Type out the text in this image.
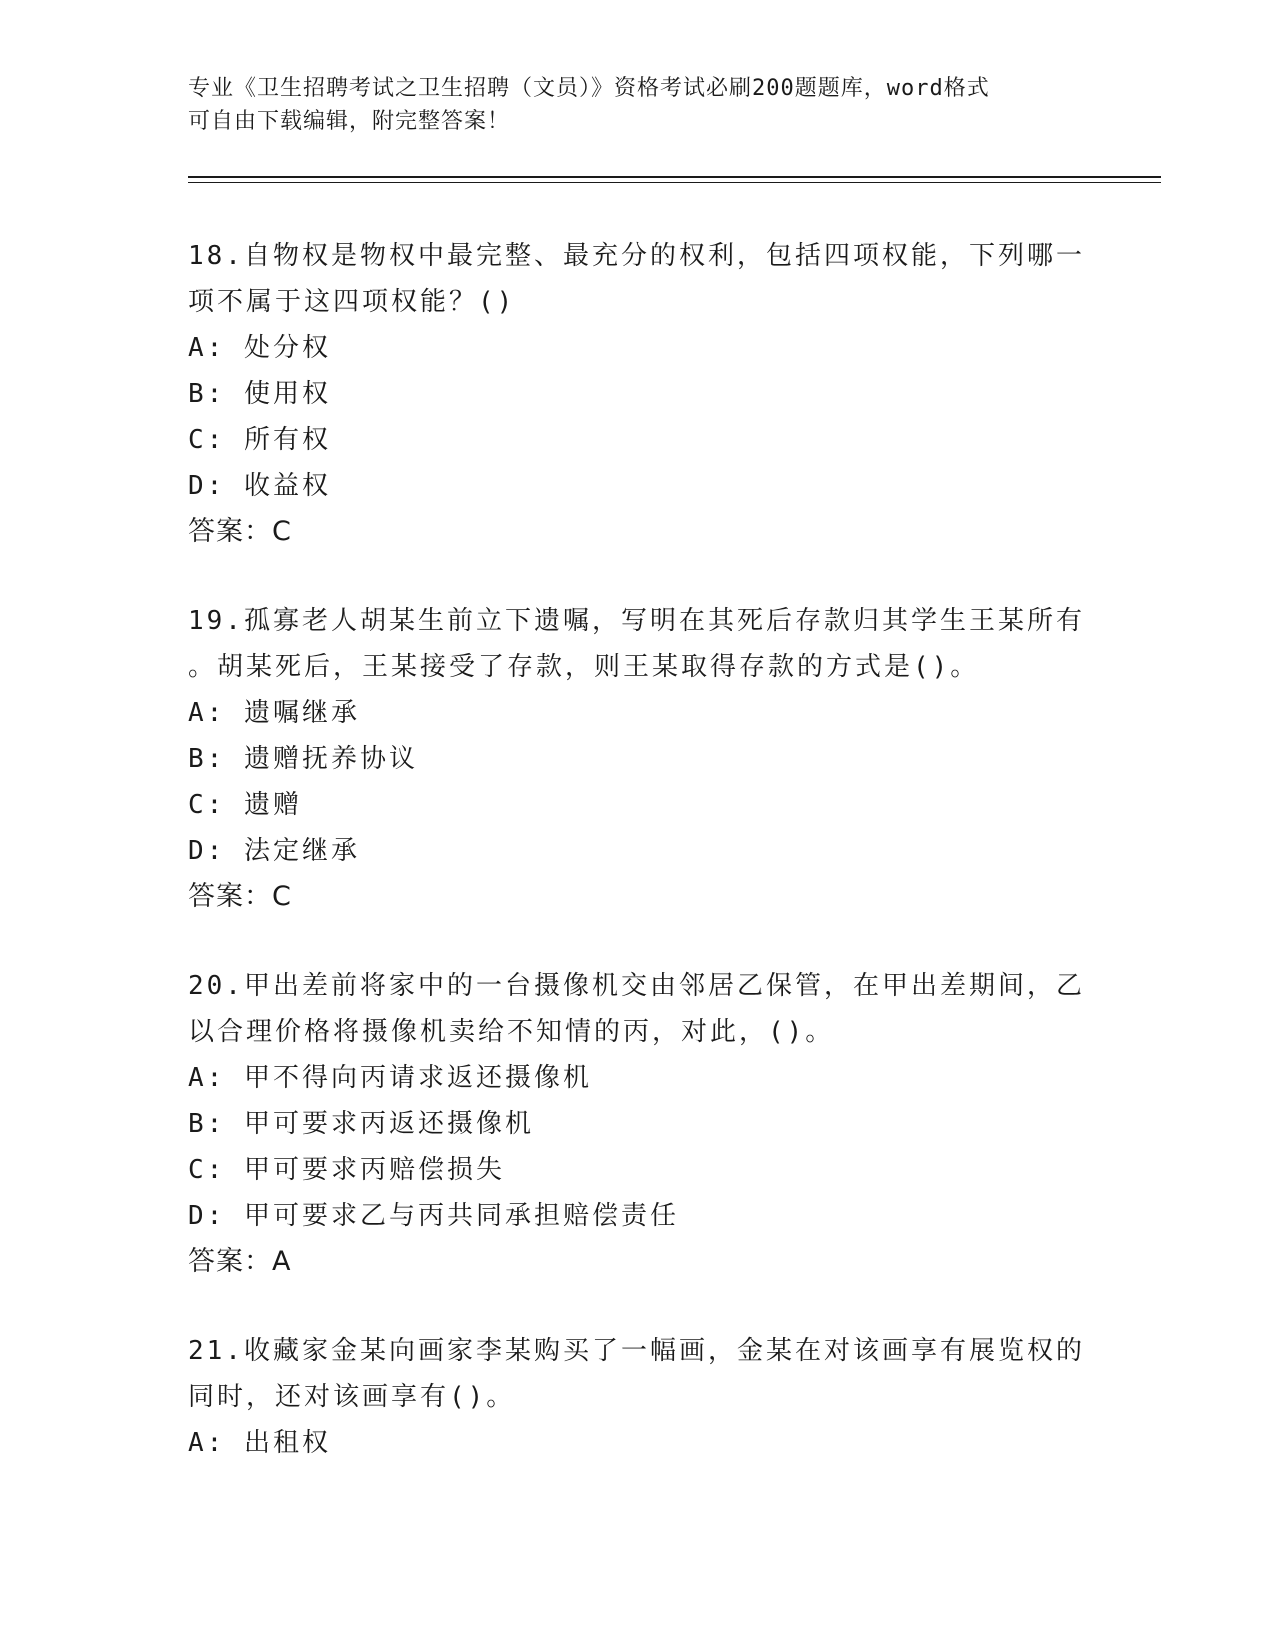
专业《卫生招聘考试之卫生招聘（文员）》资格考试必刷200题题库，word格式
可自由下载编辑，附完整答案！

18.自物权是物权中最完整、最充分的权利，包括四项权能，下列哪一

项不属于这四项权能？()

A: 处分权

B: 使用权

C: 所有权

D: 收益权

答案：C

19.孤寡老人胡某生前立下遗嘱，写明在其死后存款归其学生王某所有

。胡某死后，王某接受了存款，则王某取得存款的方式是()。

A: 遗嘱继承

B: 遗赠抚养协议

C: 遗赠

D: 法定继承

答案：C

20.甲出差前将家中的一台摄像机交由邻居乙保管，在甲出差期间，乙

以合理价格将摄像机卖给不知情的丙，对此，()。

A: 甲不得向丙请求返还摄像机

B: 甲可要求丙返还摄像机

C: 甲可要求丙赔偿损失

D: 甲可要求乙与丙共同承担赔偿责任

答案：A

21.收藏家金某向画家李某购买了一幅画，金某在对该画享有展览权的

同时，还对该画享有()。

A: 出租权
